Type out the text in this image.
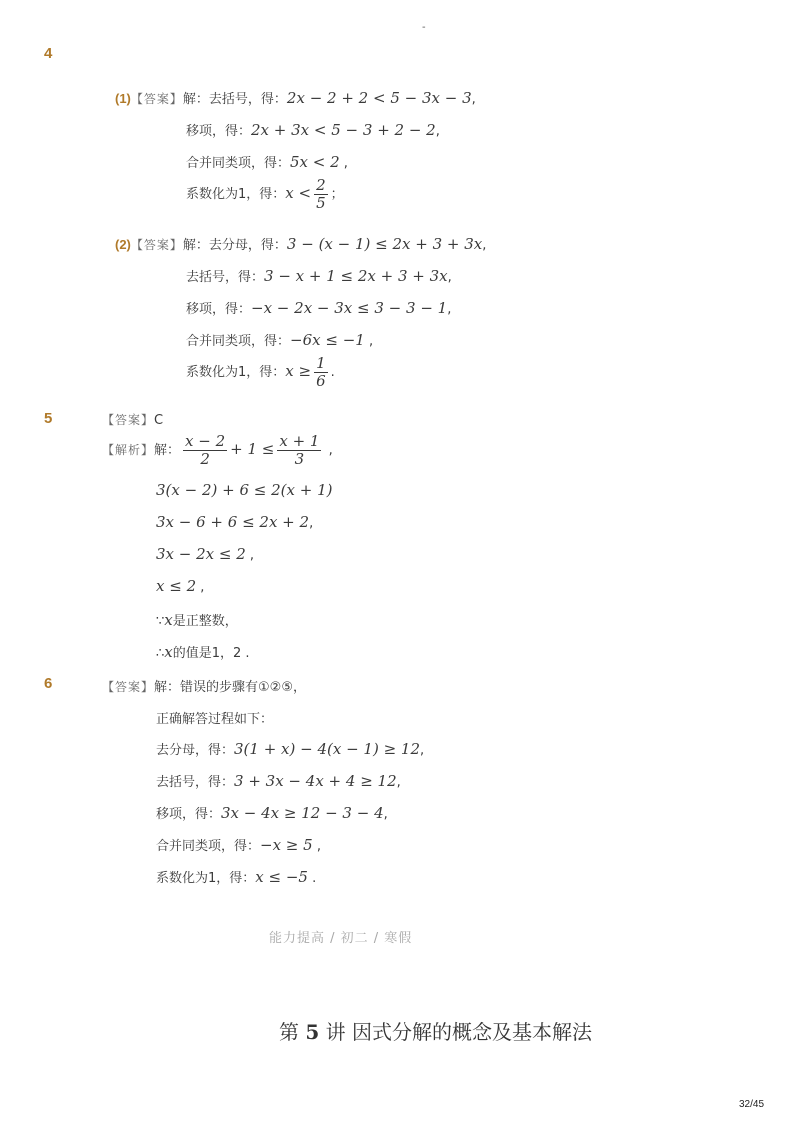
-
4
(1)【答案】解：去括号，得：2x − 2 + 2 < 5 − 3x − 3,
移项，得：2x + 3x < 5 − 3 + 2 − 2,
合并同类项，得：5x < 2 ,
系数化为1，得：$x < \frac{2}{5}$ ；
(2)【答案】解：去分母，得：3 − (x − 1) ≤ 2x + 3 + 3x,
去括号，得：3 − x + 1 ≤ 2x + 3 + 3x,
移项，得：−x − 2x − 3x ≤ 3 − 3 − 1,
合并同类项，得：−6x ≤ −1 ,
系数化为1，得：$x \ge \frac{1}{6}$ .
5	【答案】C
【解析】解： $\frac{x - 2}{2} + 1 \le \frac{x + 1}{3}$ ,
3(x − 2) + 6 ≤ 2(x + 1)
3x − 6 + 6 ≤ 2x + 2,
3x − 2x ≤ 2 ,
x ≤ 2 ,
∵x是正整数，
∴x的值是1，2 .
6	【答案】解：错误的步骤有①②⑤，
正确解答过程如下：
去分母，得：3(1 + x) − 4(x − 1) ≥ 12,
去括号，得：3 + 3x − 4x + 4 ≥ 12,
移项，得：3x − 4x ≥ 12 − 3 − 4,
合并同类项，得：−x ≥ 5 ,
系数化为1，得：x ≤ −5 .
能力提高 / 初二 / 寒假
第 5 讲 因式分解的概念及基本解法
32/45
